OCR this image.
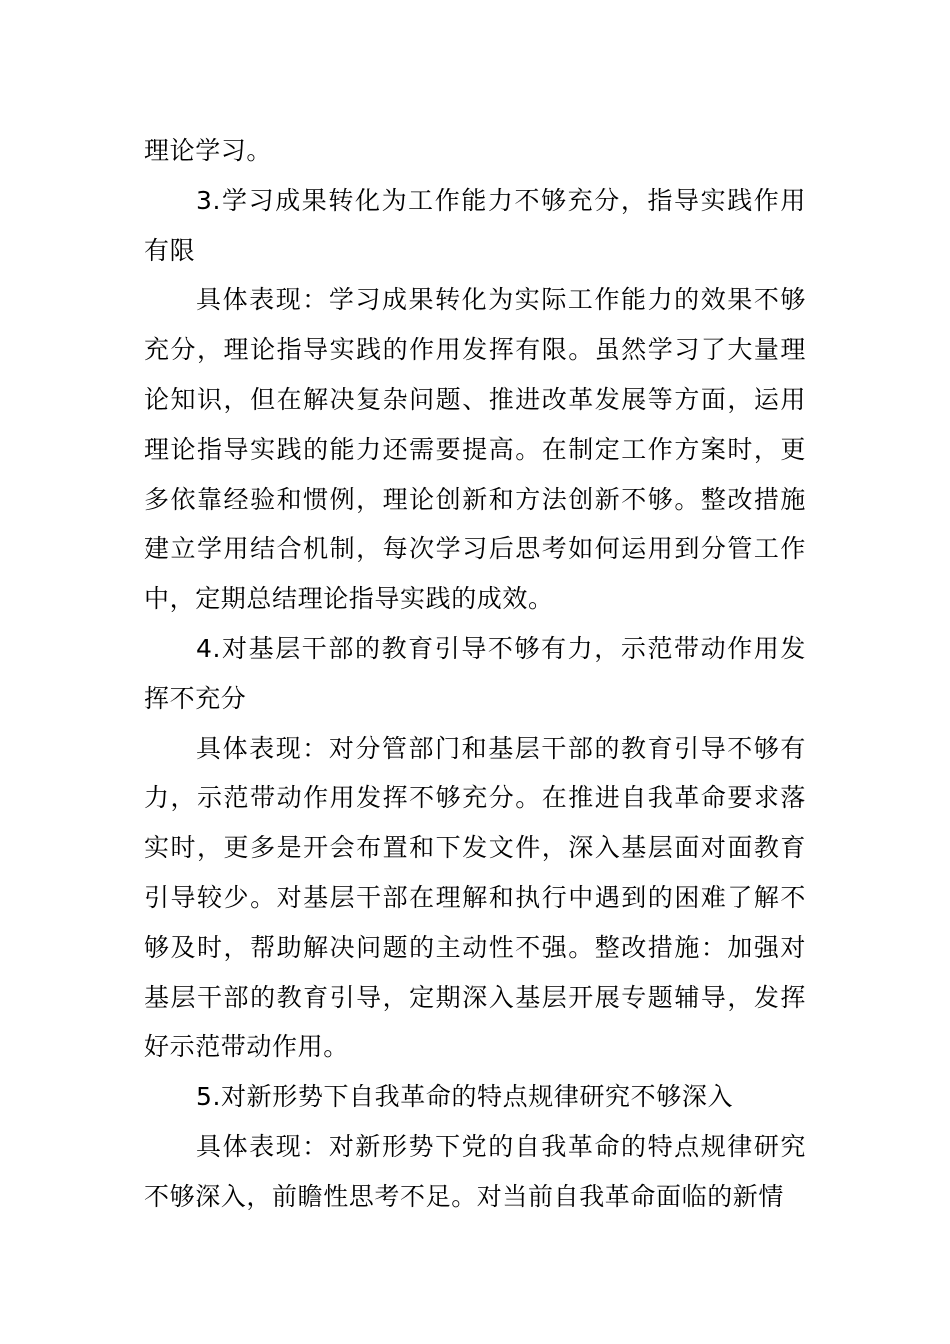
理论学习。

3.学习成果转化为工作能力不够充分，指导实践作用有限

具体表现：学习成果转化为实际工作能力的效果不够充分，理论指导实践的作用发挥有限。虽然学习了大量理论知识，但在解决复杂问题、推进改革发展等方面，运用理论指导实践的能力还需要提高。在制定工作方案时，更多依靠经验和惯例，理论创新和方法创新不够。整改措施建立学用结合机制，每次学习后思考如何运用到分管工作中，定期总结理论指导实践的成效。

4.对基层干部的教育引导不够有力，示范带动作用发挥不充分

具体表现：对分管部门和基层干部的教育引导不够有力，示范带动作用发挥不够充分。在推进自我革命要求落实时，更多是开会布置和下发文件，深入基层面对面教育引导较少。对基层干部在理解和执行中遇到的困难了解不够及时，帮助解决问题的主动性不强。整改措施：加强对基层干部的教育引导，定期深入基层开展专题辅导，发挥好示范带动作用。

5.对新形势下自我革命的特点规律研究不够深入

具体表现：对新形势下党的自我革命的特点规律研究不够深入，前瞻性思考不足。对当前自我革命面临的新情
